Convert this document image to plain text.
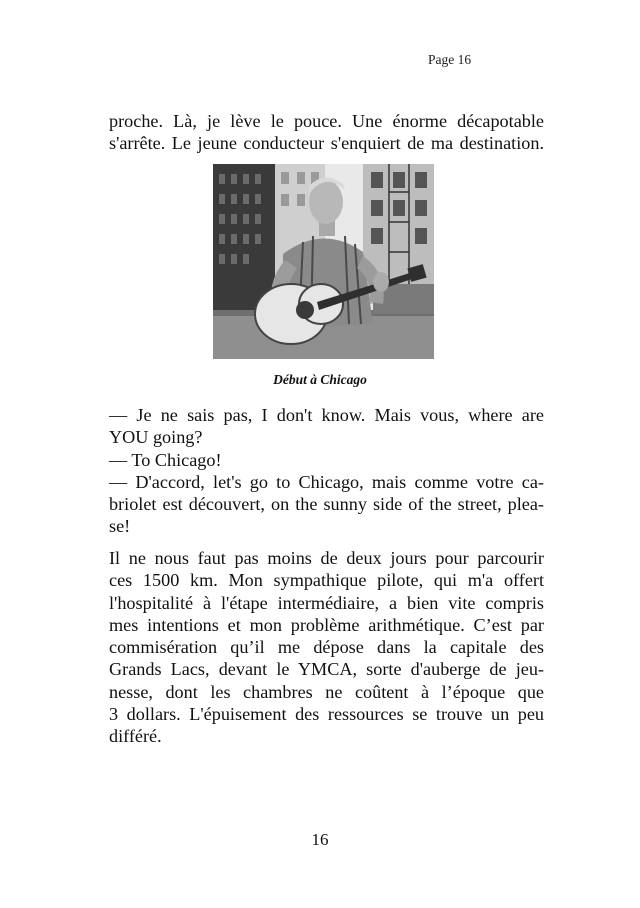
Page 16

proche. Là, je lève le pouce. Une énorme décapotable
s'arrête. Le jeune conducteur s'enquiert de ma destination.

Début à Chicago

— Je ne sais pas, I don't know. Mais vous, where are
YOU going?
— To Chicago!
— D'accord, let's go to Chicago, mais comme votre ca-
briolet est découvert, on the sunny side of the street, plea-
se!

Il ne nous faut pas moins de deux jours pour parcourir
ces 1500 km. Mon sympathique pilote, qui m'a offert
l'hospitalité à l'étape intermédiaire, a bien vite compris
mes intentions et mon problème arithmétique. C’est par
commisération qu’il me dépose dans la capitale des
Grands Lacs, devant le YMCA, sorte d'auberge de jeu-
nesse, dont les chambres ne coûtent à l’époque que
3 dollars. L'épuisement des ressources se trouve un peu
différé.

16
